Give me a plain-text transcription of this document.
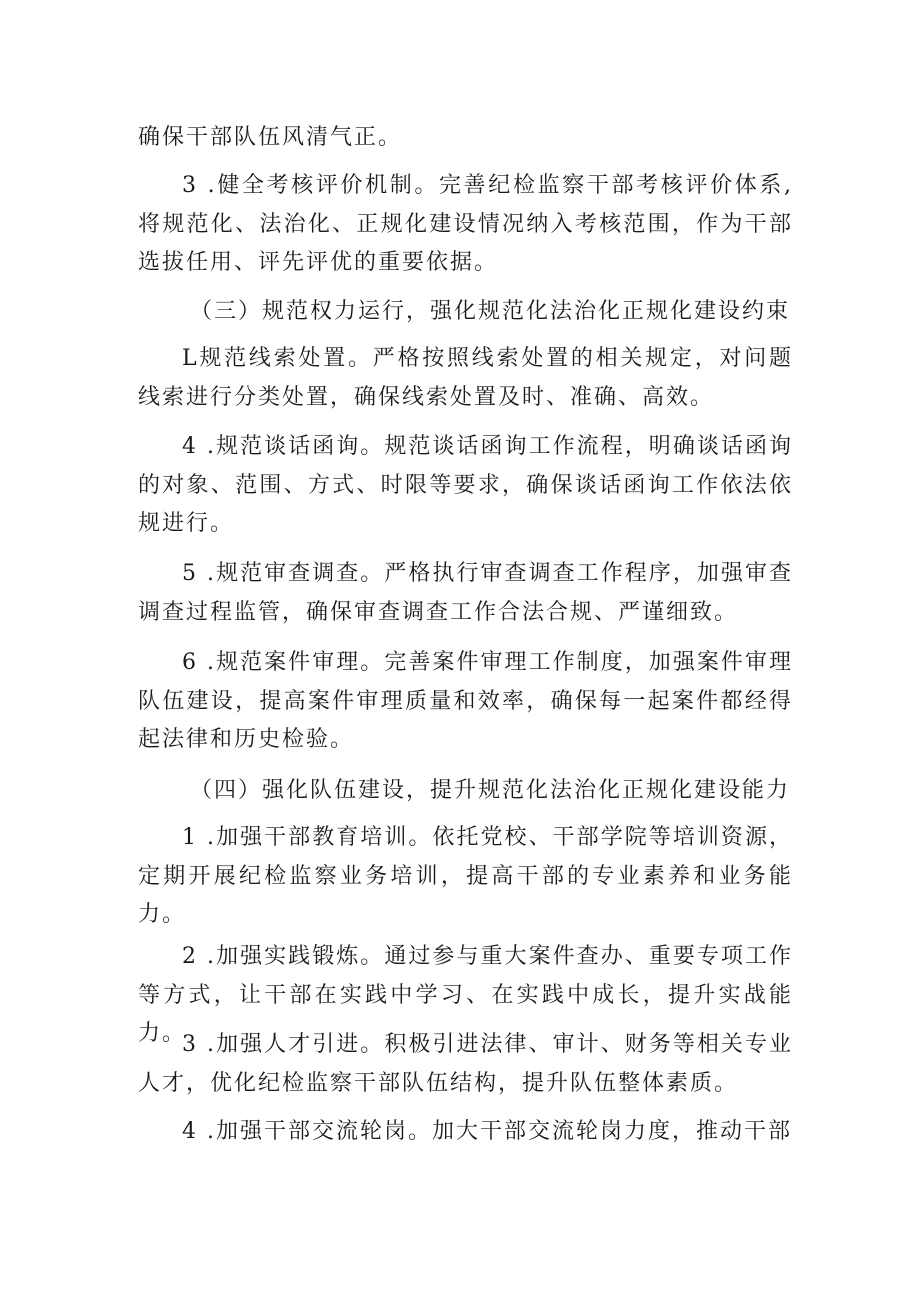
确保干部队伍风清气正。

3 .健全考核评价机制。完善纪检监察干部考核评价体系,将规范化、法治化、正规化建设情况纳入考核范围，作为干部选拔任用、评先评优的重要依据。

（三）规范权力运行，强化规范化法治化正规化建设约束

L规范线索处置。严格按照线索处置的相关规定，对问题线索进行分类处置，确保线索处置及时、准确、高效。

4 .规范谈话函询。规范谈话函询工作流程，明确谈话函询的对象、范围、方式、时限等要求，确保谈话函询工作依法依规进行。

5 .规范审查调查。严格执行审查调查工作程序，加强审查调查过程监管，确保审查调查工作合法合规、严谨细致。

6 .规范案件审理。完善案件审理工作制度，加强案件审理队伍建设，提高案件审理质量和效率，确保每一起案件都经得起法律和历史检验。

（四）强化队伍建设，提升规范化法治化正规化建设能力

1 .加强干部教育培训。依托党校、干部学院等培训资源，定期开展纪检监察业务培训，提高干部的专业素养和业务能力。

2 .加强实践锻炼。通过参与重大案件查办、重要专项工作等方式，让干部在实践中学习、在实践中成长，提升实战能力。

3 .加强人才引进。积极引进法律、审计、财务等相关专业人才，优化纪检监察干部队伍结构，提升队伍整体素质。

4 .加强干部交流轮岗。加大干部交流轮岗力度，推动干部
